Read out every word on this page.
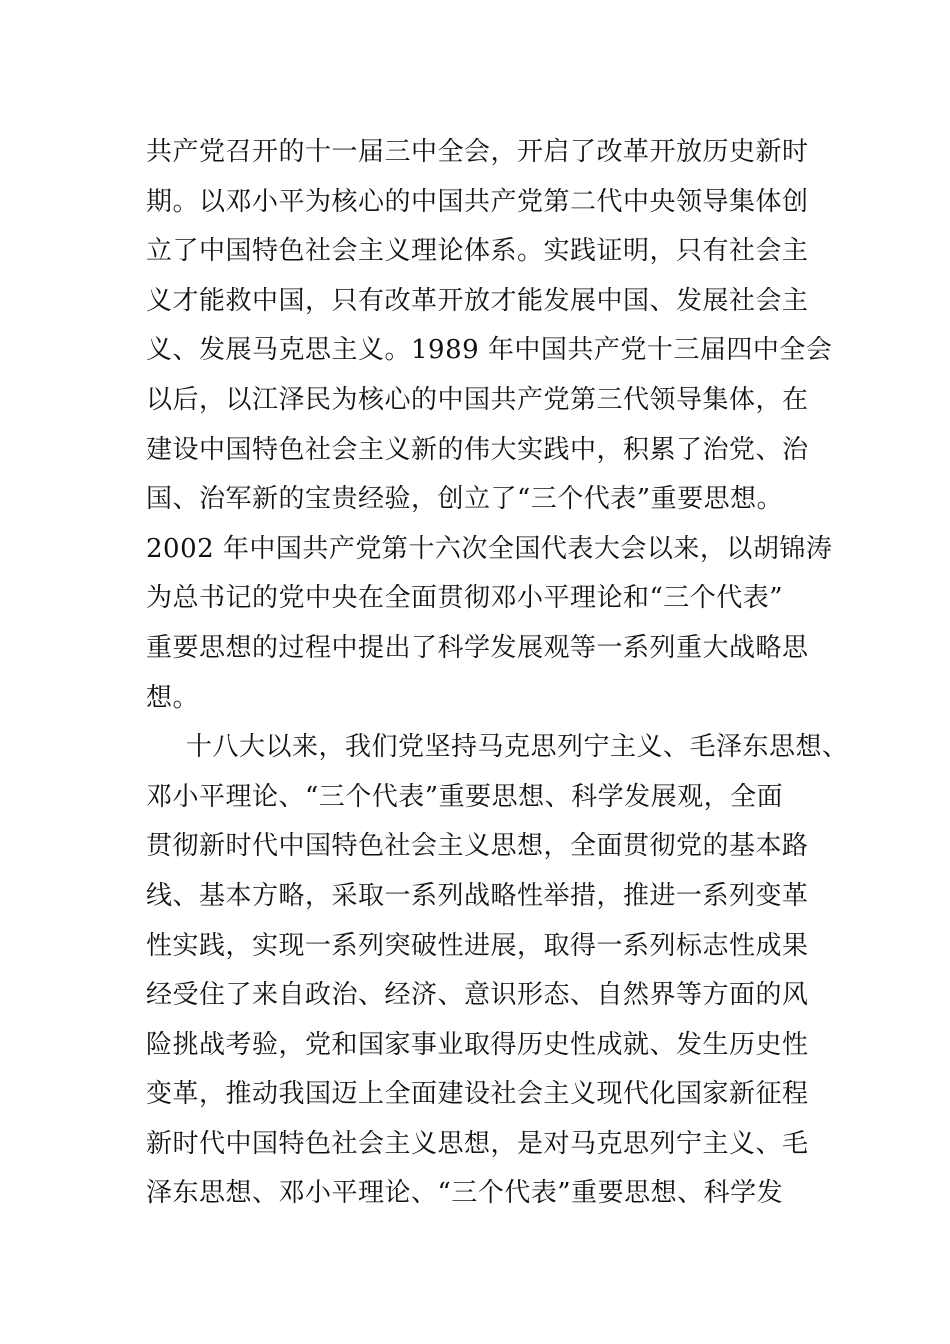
共产党召开的十一届三中全会，开启了改革开放历史新时
期。以邓小平为核心的中国共产党第二代中央领导集体创
立了中国特色社会主义理论体系。实践证明，只有社会主
义才能救中国，只有改革开放才能发展中国、发展社会主
义、发展马克思主义。1989 年中国共产党十三届四中全会
以后，以江泽民为核心的中国共产党第三代领导集体，在
建设中国特色社会主义新的伟大实践中，积累了治党、治
国、治军新的宝贵经验，创立了“三个代表”重要思想。
2002 年中国共产党第十六次全国代表大会以来，以胡锦涛
为总书记的党中央在全面贯彻邓小平理论和“三个代表”
重要思想的过程中提出了科学发展观等一系列重大战略思
想。
十八大以来，我们党坚持马克思列宁主义、毛泽东思想、
邓小平理论、“三个代表”重要思想、科学发展观，全面
贯彻新时代中国特色社会主义思想，全面贯彻党的基本路
线、基本方略，采取一系列战略性举措，推进一系列变革
性实践，实现一系列突破性进展，取得一系列标志性成果
经受住了来自政治、经济、意识形态、自然界等方面的风
险挑战考验，党和国家事业取得历史性成就、发生历史性
变革，推动我国迈上全面建设社会主义现代化国家新征程
新时代中国特色社会主义思想，是对马克思列宁主义、毛
泽东思想、邓小平理论、“三个代表”重要思想、科学发
